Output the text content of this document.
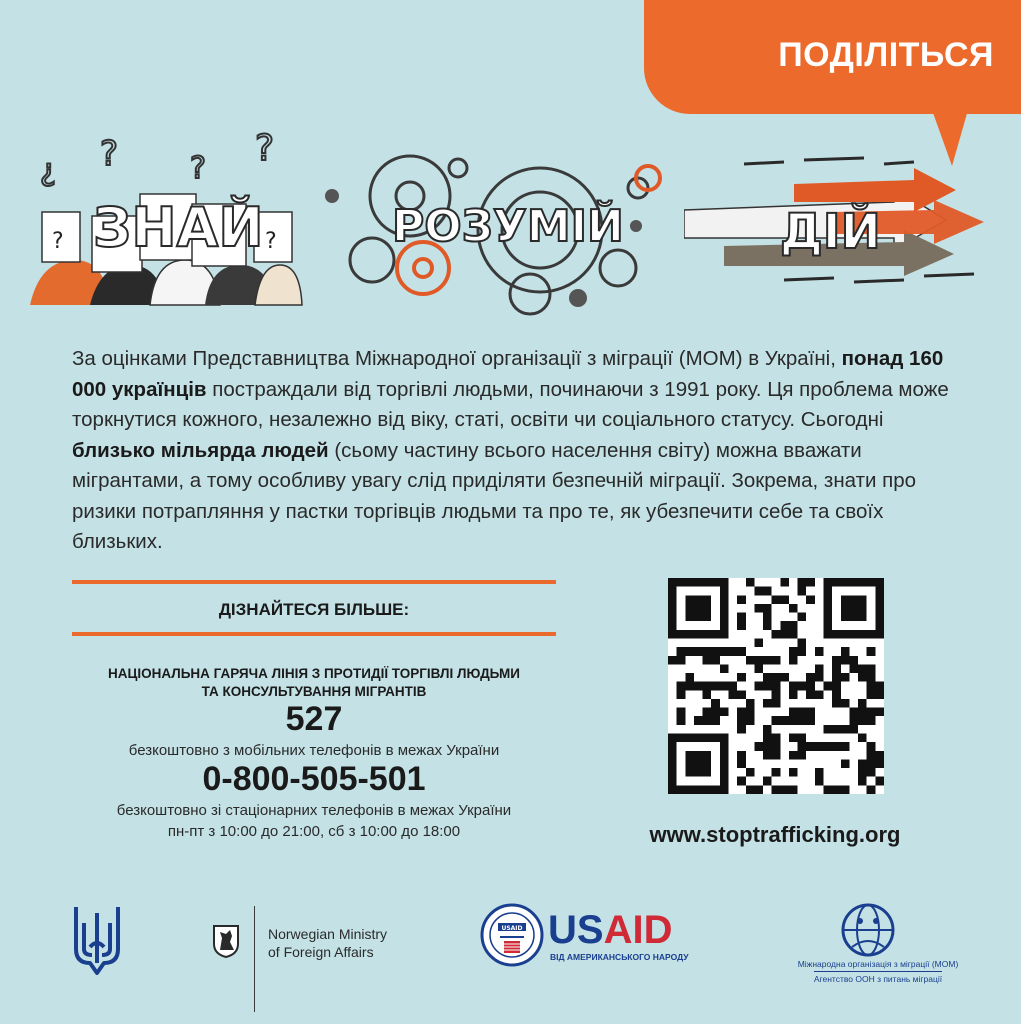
ПОДІЛІТЬСЯ
¿ ? ? ?
?	?
ЗНАЙ	РОЗУМІЙ	ДІЙ
За оцінками Представництва Міжнародної організації з міграції (МОМ) в Україні, понад 160 000 українців постраждали від торгівлі людьми, починаючи з 1991 року. Ця проблема може торкнутися кожного, незалежно від віку, статі, освіти чи соціального статусу. Сьогодні близько мільярда людей (сьому частину всього населення світу) можна вважати мігрантами, а тому особливу увагу слід приділяти безпечній міграції. Зокрема, знати про ризики потрапляння у пастки торгівців людьми та про те, як убезпечити себе та своїх близьких.
ДІЗНАЙТЕСЯ БІЛЬШЕ:
НАЦІОНАЛЬНА ГАРЯЧА ЛІНІЯ З ПРОТИДІЇ ТОРГІВЛІ ЛЮДЬМИ
ТА КОНСУЛЬТУВАННЯ МІГРАНТІВ
527
безкоштовно з мобільних телефонів в межах України
0-800-505-501
безкоштовно зі стаціонарних телефонів в межах України
пн-пт з 10:00 до 21:00, сб з 10:00 до 18:00	www.stoptrafficking.org
Norwegian Ministry
of Foreign Affairs
USAID USAID
ВІД АМЕРИКАНСЬКОГО НАРОДУ
Міжнародна організація з міграції (МОМ)
Агентство ООН з питань міграції
